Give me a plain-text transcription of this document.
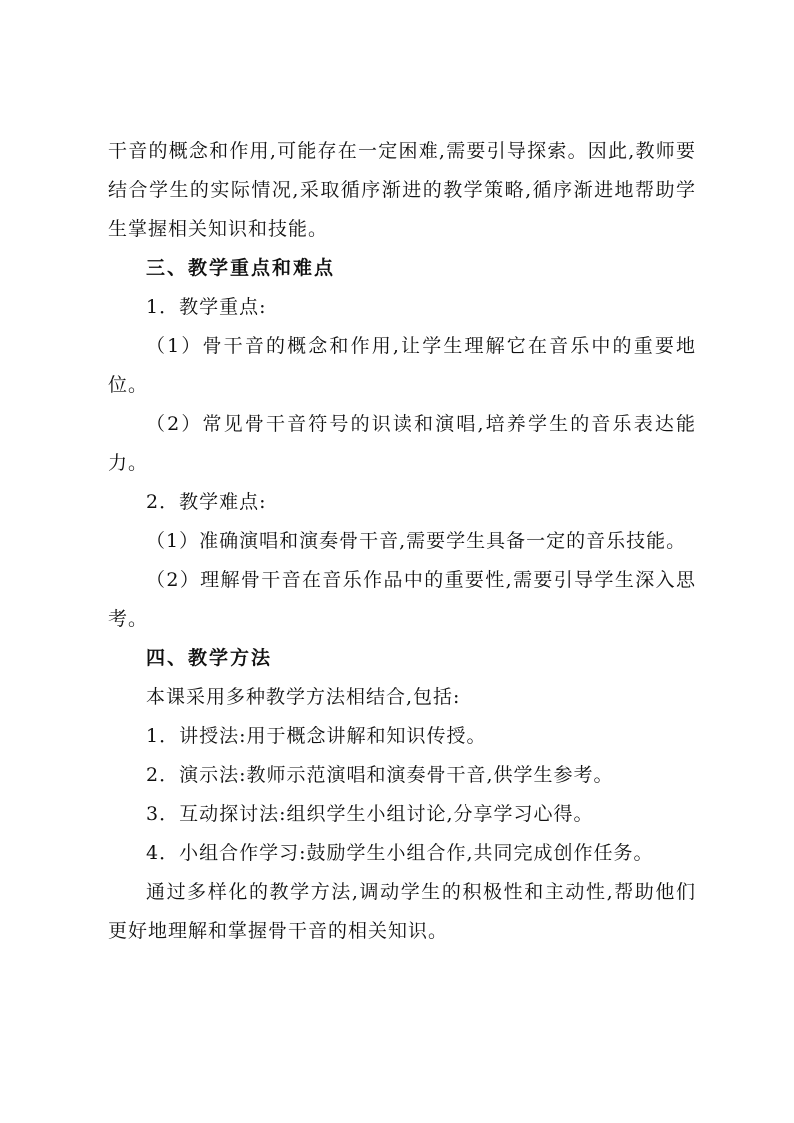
干音的概念和作用,可能存在一定困难,需要引导探索。因此,教师要结合学生的实际情况,采取循序渐进的教学策略,循序渐进地帮助学生掌握相关知识和技能。

三、教学重点和难点

1．教学重点:

（1）骨干音的概念和作用,让学生理解它在音乐中的重要地位。

（2）常见骨干音符号的识读和演唱,培养学生的音乐表达能力。

2．教学难点:

（1）准确演唱和演奏骨干音,需要学生具备一定的音乐技能。

（2）理解骨干音在音乐作品中的重要性,需要引导学生深入思考。

四、教学方法

本课采用多种教学方法相结合,包括:

1．讲授法:用于概念讲解和知识传授。

2．演示法:教师示范演唱和演奏骨干音,供学生参考。

3．互动探讨法:组织学生小组讨论,分享学习心得。

4．小组合作学习:鼓励学生小组合作,共同完成创作任务。

通过多样化的教学方法,调动学生的积极性和主动性,帮助他们更好地理解和掌握骨干音的相关知识。
